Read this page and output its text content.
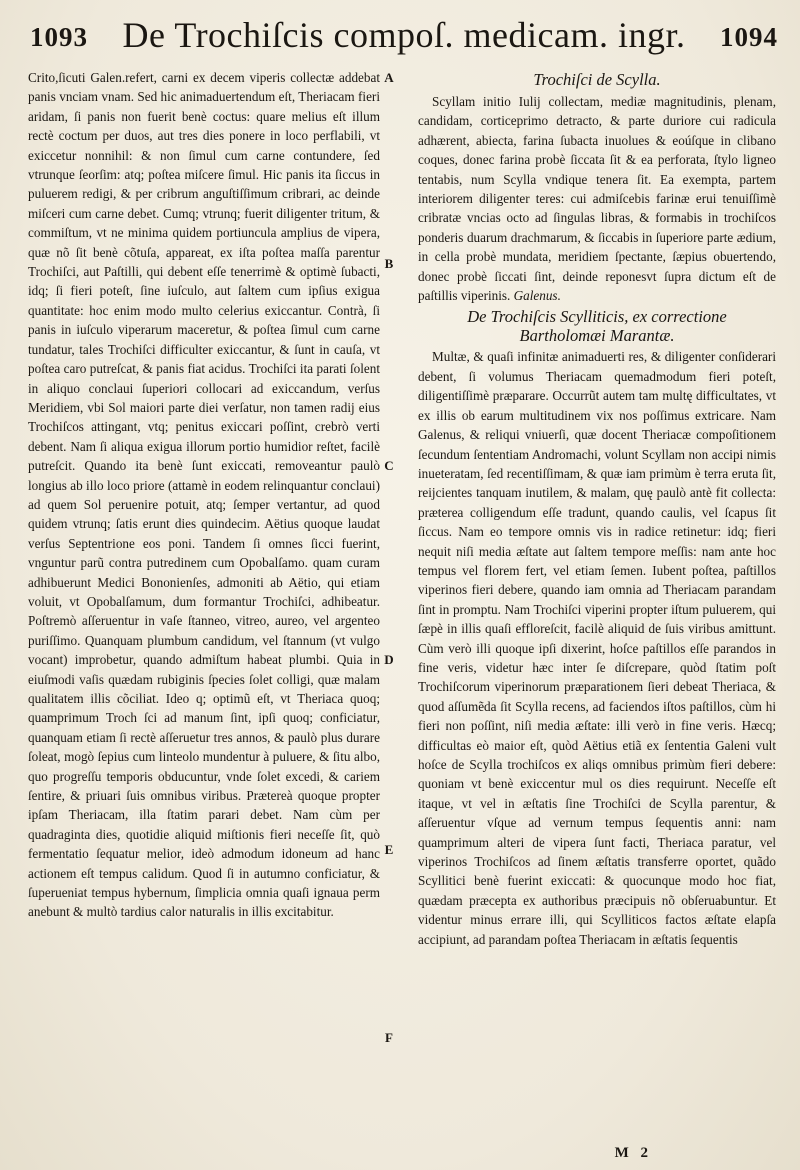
1093 De Trochiſcis compoſ. medicam. ingr.	1094

Crito,ſicuti Galen.refert, carni ex decem viperis collectæ addebat panis vnciam vnam. Sed hic animaduertendum eſt, Theriacam fieri aridam, ſi panis non fuerit benè coctus: quare melius eſt illum rectè coctum per duos, aut tres dies ponere in loco perflabili, vt exiccetur nonnihil: & non ſimul cum carne contundere, ſed vtrunque ſeorſim: atq; poſtea miſcere ſimul. Hic panis ita ſiccus in puluerem redigi, & per cribrum anguſtiſſimum cribrari, ac deinde miſceri cum carne debet. Cumq; vtrunq; fuerit diligenter tritum, & commiſtum, vt ne minima quidem portiuncula amplius de vipera, quæ nõ ſit benè cõtuſa, appareat, ex iſta poſtea maſſa parentur Trochiſci, aut Paſtilli, qui debent eſſe tenerrimè & optimè ſubacti, idq; ſi fieri poteſt, ſine iuſculo, aut ſaltem cum ipſius exigua quantitate: hoc enim modo multo celerius exiccantur. Contrà, ſi panis in iuſculo viperarum maceretur, & poſtea ſimul cum carne tundatur, tales Trochiſci difficulter exiccantur, & ſunt in cauſa, vt poſtea caro putreſcat, & panis fiat acidus. Trochiſci ita parati ſolent in aliquo conclaui ſuperiori collocari ad exiccandum, verſus Meridiem, vbi Sol maiori parte diei verſatur, non tamen radij eius Trochiſcos attingant, vtq; penitus exiccari poſſint, crebrò verti debent. Nam ſi aliqua exigua illorum portio humidior reſtet, facilè putreſcit. Quando ita benè ſunt exiccati, removeantur paulò longius ab illo loco priore (attamè in eodem relinquantur conclaui) ad quem Sol peruenire potuit, atq; ſemper vertantur, ad quod quidem vtrunq; ſatis erunt dies quindecim. Aëtius quoque laudat verſus Septentrione eos poni. Tandem ſi omnes ſicci fuerint, vnguntur parũ contra putredinem cum Opobalſamo. quam curam adhibuerunt Medici Bononienſes, admoniti ab Aëtio, qui etiam voluit, vt Opobalſamum, dum formantur Trochiſci, adhibeatur. Poſtremò aſſeruentur in vaſe ſtanneo, vitreo, aureo, vel argenteo puriſſimo. Quanquam plumbum candidum, vel ſtannum (vt vulgo vocant) improbetur, quando admiſtum habeat plumbi. Quia in eiuſmodi vaſis quædam rubiginis ſpecies ſolet colligi, quæ malam qualitatem illis cõciliat. Ideo q; optimũ eſt, vt Theriaca quoq; quamprimum Troch ſci ad manum ſint, ipſi quoq; conficiatur, quanquam etiam ſi rectè aſſeruetur tres annos, & paulò plus durare ſoleat, mogò ſepius cum linteolo mundentur à puluere, & ſitu albo, quo progreſſu temporis obducuntur, vnde ſolet excedi, & cariem ſentire, & priuari ſuis omnibus viribus. Prætereà quoque propter ipſam Theriacam, illa ſtatim parari debet. Nam cùm per quadraginta dies, quotidie aliquid miſtionis fieri neceſſe ſit, quò fermentatio ſequatur melior, ideò admodum idoneum ad hanc actionem eſt tempus calidum. Quod ſi in autumno conficiatur, & ſuperueniat tempus hybernum, ſimplicia omnia quaſi ignaua perm anebunt & multò tardius calor naturalis in illis excitabitur.

A
B
C
D
E
F
Trochiſci de Scylla.

Scyllam initio Iulij collectam, mediæ magnitudinis, plenam, candidam, corticeprimo detracto, & parte duriore cui radicula adhærent, abiecta, farina ſubacta inuolues & eoúſque in clibano coques, donec farina probè ſiccata ſit & ea perforata, ſtylo ligneo tentabis, num Scylla vndique tenera ſit. Ea exempta, partem interiorem diligenter teres: cui admiſcebis farinæ erui tenuiſſimè cribratæ vncias octo ad ſingulas libras, & formabis in trochiſcos ponderis duarum drachmarum, & ſiccabis in ſuperiore parte ædium, in cella probè mundata, meridiem ſpectante, ſæpius obuertendo, donec probè ſiccati ſint, deinde reponesvt ſupra dictum eſt de paſtillis viperinis. Galenus.

De Trochiſcis Scylliticis, ex correctione
Bartholomæi Marantæ.

Multæ, & quaſi infinitæ animaduerti res, & diligenter conſiderari debent, ſi volumus Theriacam quemadmodum fieri poteſt, diligentiſſimè præparare. Occurrũt autem tam multę difficultates, vt ex illis ob earum multitudinem vix nos poſſimus extricare. Nam Galenus, & reliqui vniuerſi, quæ docent Theriacæ compoſitionem ſecundum ſententiam Andromachi, volunt Scyllam non accipi nimis inueteratam, ſed recentiſſimam, & quæ iam primùm è terra eruta ſit, reijcientes tanquam inutilem, & malam, quę paulò antè fit collecta: præterea colligendum eſſe tradunt, quando caulis, vel ſcapus ſit ſiccus. Nam eo tempore omnis vis in radice retinetur: idq; fieri nequit niſi media æſtate aut ſaltem tempore meſſis: nam ante hoc tempus vel florem fert, vel etiam ſemen. Iubent poſtea, paſtillos viperinos fieri debere, quando iam omnia ad Theriacam parandam ſint in promptu. Nam Trochiſci viperini propter iſtum puluerem, qui ſæpè in illis quaſi effloreſcit, facilè aliquid de ſuis viribus amittunt. Cùm verò illi quoque ipſi dixerint, hoſce paſtillos eſſe parandos in fine veris, videtur hæc inter ſe diſcrepare, quòd ſtatim poſt Trochiſcorum viperinorum præparationem ſieri debeat Theriaca, & quod aſſumẽda ſit Scylla recens, ad faciendos iſtos paſtillos, cùm hi fieri non poſſint, niſi media æſtate: illi verò in fine veris. Hæcq; difficultas eò maior eſt, quòd Aëtius etiã ex ſententia Galeni vult hoſce de Scylla trochiſcos ex aliqs omnibus primùm fieri debere: quoniam vt benè exiccentur mul os dies requirunt. Neceſſe eſt itaque, vt vel in æſtatis ſine Trochiſci de Scylla parentur, & aſſeruentur vſque ad vernum tempus ſequentis anni: nam quamprimum alteri de vipera ſunt facti, Theriaca paratur, vel viperinos Trochiſcos ad ſinem æſtatis transferre oportet, quãdo Scyllitici benè fuerint exiccati: & quocunque modo hoc fiat, quædam præcepta ex authoribus præcipuis nõ obſeruabuntur. Et videntur minus errare illi, qui Scylliticos factos æſtate elapſa accipiunt, ad parandam poſtea Theriacam in æſtatis ſequentis

M 2
